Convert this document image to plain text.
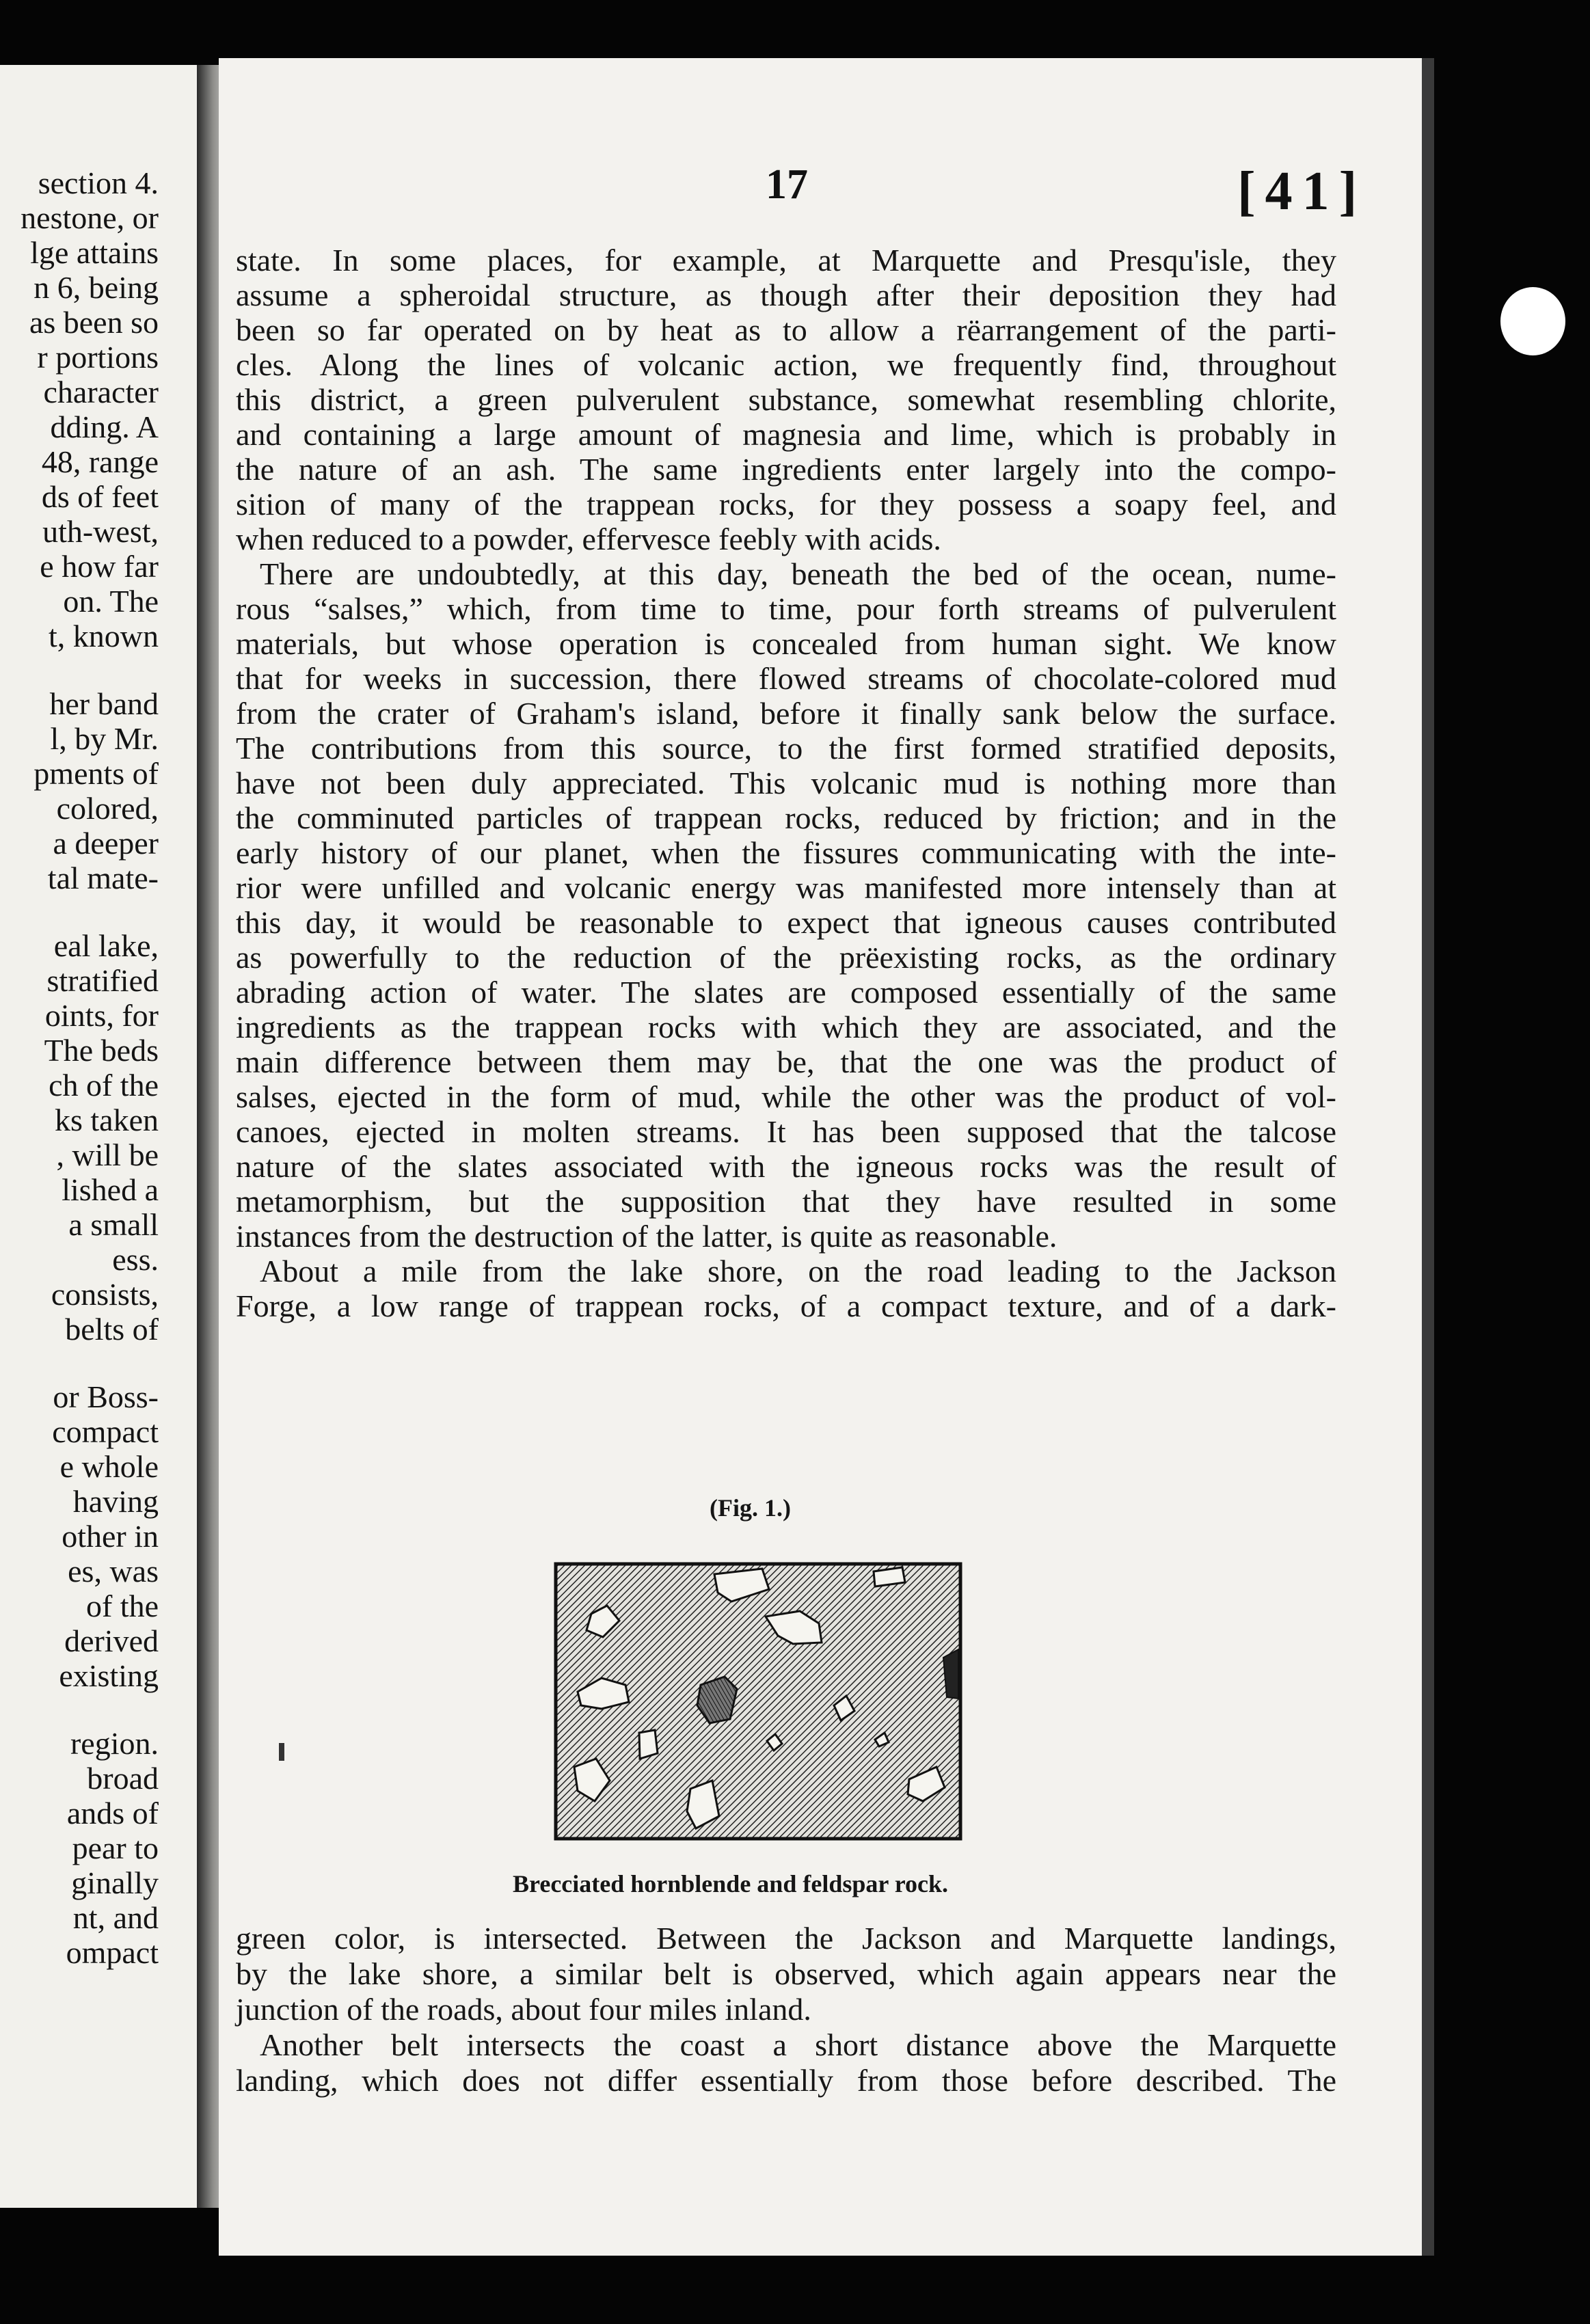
section 4.
nestone, or
lge attains
n 6, being
as been so
r portions
character
dding. A
48, range
ds of feet
uth-west,
e how far
on. The
t, known
her band
l, by Mr.
pments of
colored,
a deeper
tal mate-
eal lake,
stratified
oints, for
The beds
ch of the
ks taken
, will be
lished a
a small
ess.
consists,
belts of
or Boss-
compact
e whole
having
other in
es, was
of the
derived
existing
region.
broad
ands of
pear to
ginally
nt, and
ompact
17	[41]
state. In some places, for example, at Marquette and Presqu'isle, they
assume a spheroidal structure, as though after their deposition they had
been so far operated on by heat as to allow a rëarrangement of the parti-
cles. Along the lines of volcanic action, we frequently find, throughout
this district, a green pulverulent substance, somewhat resembling chlorite,
and containing a large amount of magnesia and lime, which is probably in
the nature of an ash. The same ingredients enter largely into the compo-
sition of many of the trappean rocks, for they possess a soapy feel, and
when reduced to a powder, effervesce feebly with acids.
There are undoubtedly, at this day, beneath the bed of the ocean, nume-
rous “salses,” which, from time to time, pour forth streams of pulverulent
materials, but whose operation is concealed from human sight. We know
that for weeks in succession, there flowed streams of chocolate-colored mud
from the crater of Graham's island, before it finally sank below the surface.
The contributions from this source, to the first formed stratified deposits,
have not been duly appreciated. This volcanic mud is nothing more than
the comminuted particles of trappean rocks, reduced by friction; and in the
early history of our planet, when the fissures communicating with the inte-
rior were unfilled and volcanic energy was manifested more intensely than at
this day, it would be reasonable to expect that igneous causes contributed
as powerfully to the reduction of the prëexisting rocks, as the ordinary
abrading action of water. The slates are composed essentially of the same
ingredients as the trappean rocks with which they are associated, and the
main difference between them may be, that the one was the product of
salses, ejected in the form of mud, while the other was the product of vol-
canoes, ejected in molten streams. It has been supposed that the talcose
nature of the slates associated with the igneous rocks was the result of
metamorphism, but the supposition that they have resulted in some
instances from the destruction of the latter, is quite as reasonable.
About a mile from the lake shore, on the road leading to the Jackson
Forge, a low range of trappean rocks, of a compact texture, and of a dark-
(Fig. 1.)
Brecciated hornblende and feldspar rock.
green color, is intersected. Between the Jackson and Marquette landings,
by the lake shore, a similar belt is observed, which again appears near the
junction of the roads, about four miles inland.
Another belt intersects the coast a short distance above the Marquette
landing, which does not differ essentially from those before described. The
